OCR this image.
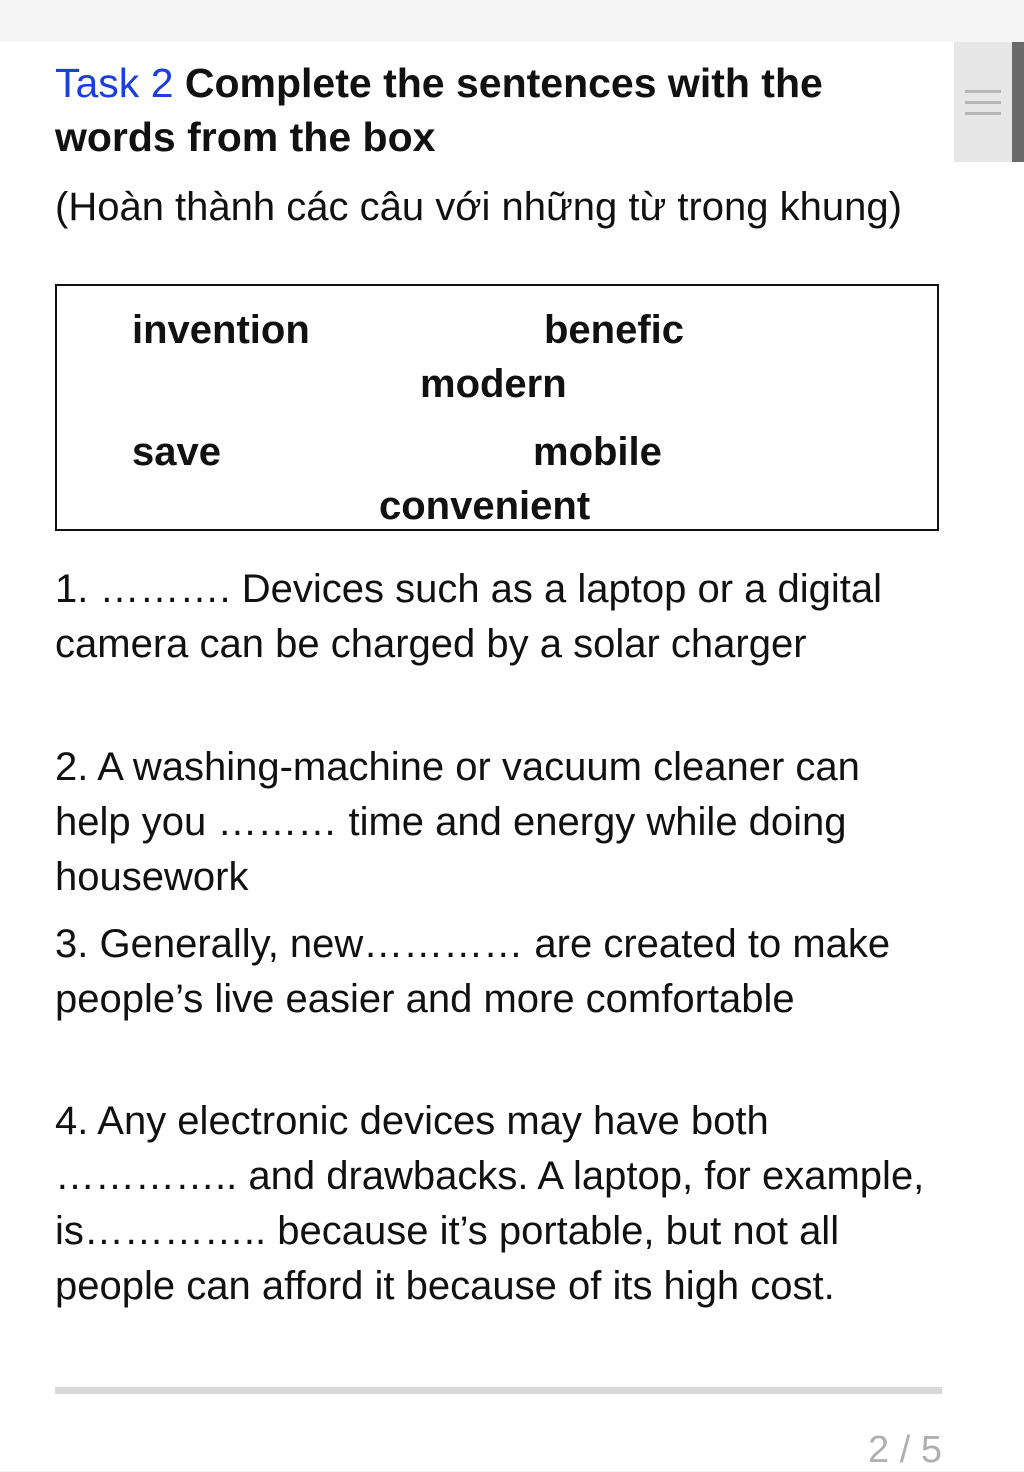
Task 2 Complete the sentences with the words from the box

(Hoàn thành các câu với những từ trong khung)

invention	benefic
modern
save	mobile
convenient

1. ………. Devices such as a laptop or a digital camera can be charged by a solar charger

2. A washing-machine or vacuum cleaner can help you ……… time and energy while doing housework

3. Generally, new………… are created to make people’s live easier and more comfortable

4. Any electronic devices may have both ………….. and drawbacks. A laptop, for example, is………….. because it’s portable, but not all people can afford it because of its high cost.

2 / 5
